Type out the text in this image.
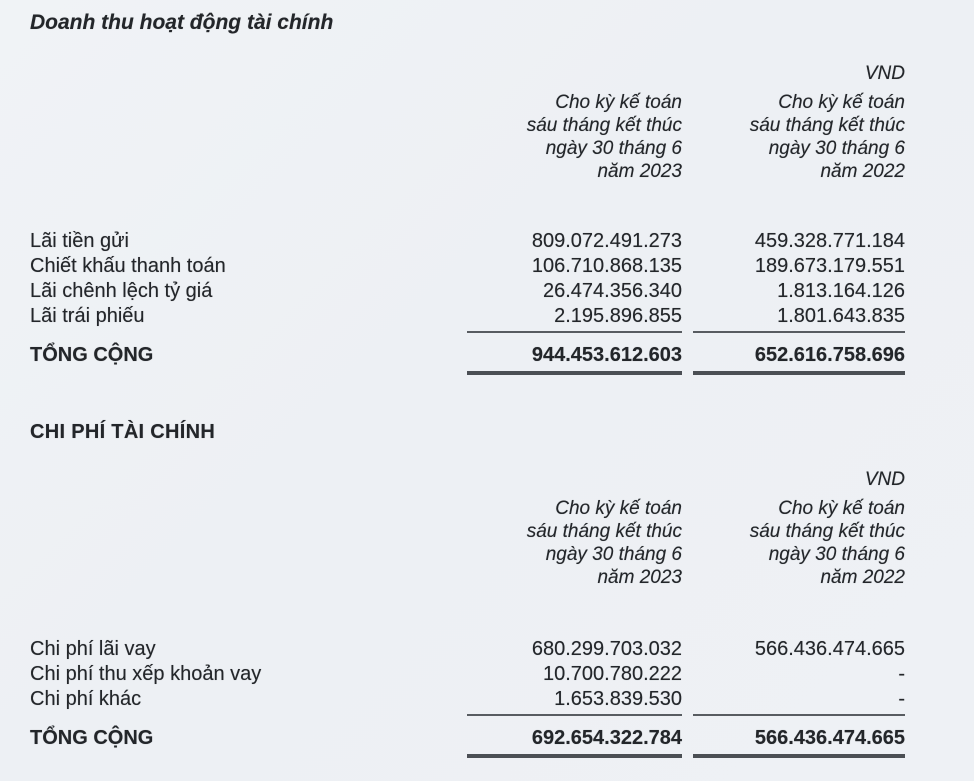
Doanh thu hoạt động tài chính
VND
Cho kỳ kế toán
sáu tháng kết thúc
ngày 30 tháng 6
năm 2023
Cho kỳ kế toán
sáu tháng kết thúc
ngày 30 tháng 6
năm 2022
Lãi tiền gửi	809.072.491.273	459.328.771.184
Chiết khấu thanh toán	106.710.868.135	189.673.179.551
Lãi chênh lệch tỷ giá	26.474.356.340	1.813.164.126
Lãi trái phiếu	2.195.896.855	1.801.643.835
TỔNG CỘNG	944.453.612.603	652.616.758.696
CHI PHÍ TÀI CHÍNH
VND
Cho kỳ kế toán
sáu tháng kết thúc
ngày 30 tháng 6
năm 2023
Cho kỳ kế toán
sáu tháng kết thúc
ngày 30 tháng 6
năm 2022
Chi phí lãi vay	680.299.703.032	566.436.474.665
Chi phí thu xếp khoản vay	10.700.780.222	-
Chi phí khác	1.653.839.530	-
TỔNG CỘNG	692.654.322.784	566.436.474.665
